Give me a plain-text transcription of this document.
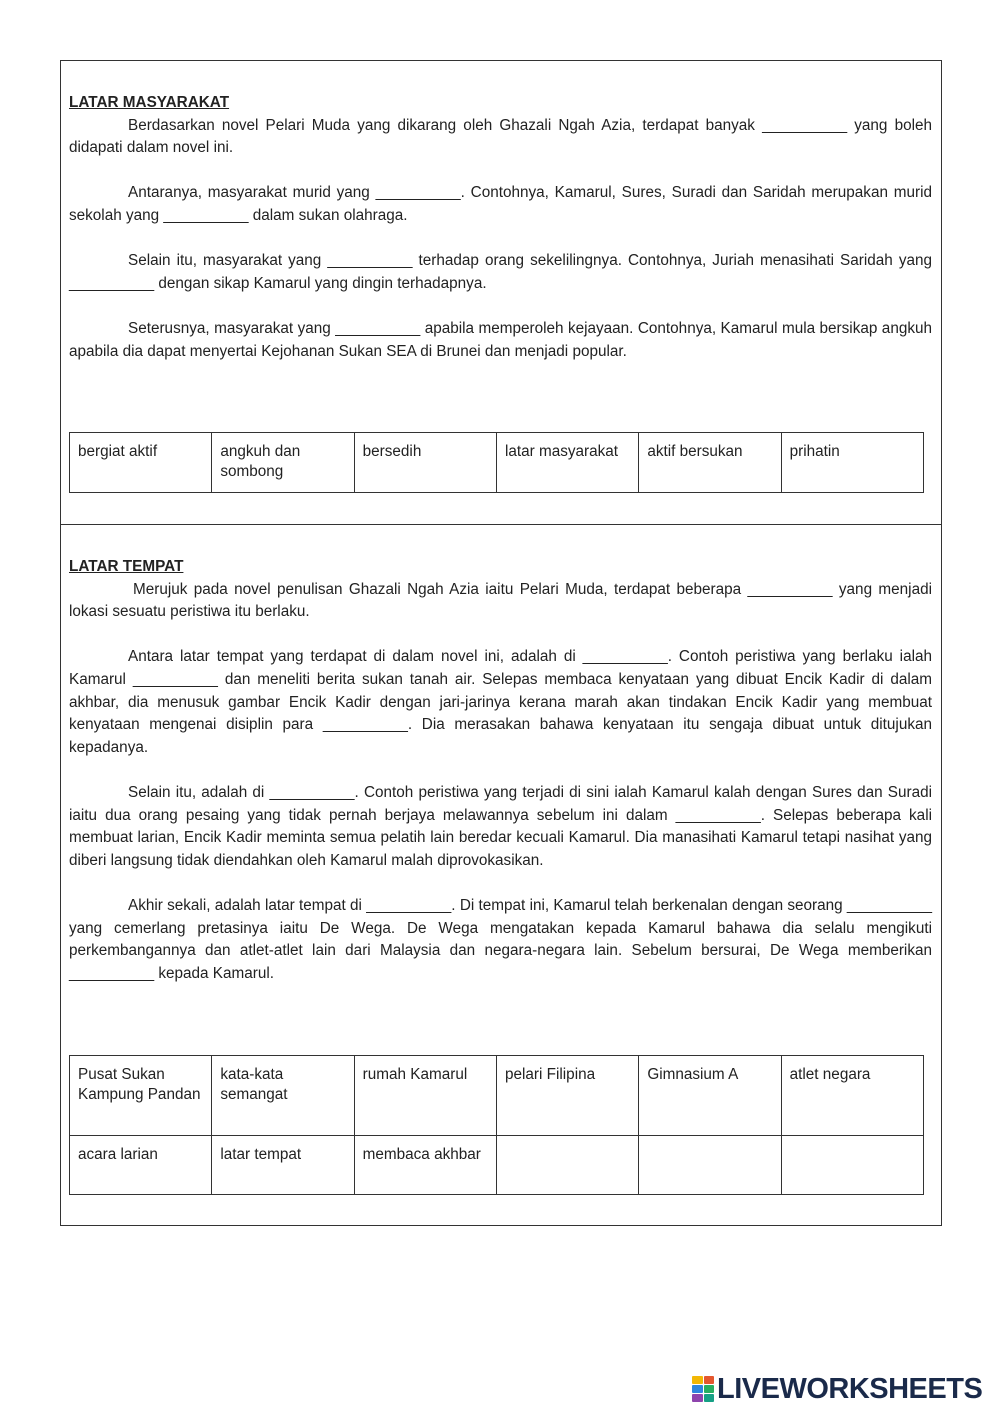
LATAR MASYARAKAT

Berdasarkan novel Pelari Muda yang dikarang oleh Ghazali Ngah Azia, terdapat banyak __________ yang boleh didapati dalam novel ini.

Antaranya, masyarakat murid yang __________. Contohnya, Kamarul, Sures, Suradi dan Saridah merupakan murid sekolah yang __________ dalam sukan olahraga.

Selain itu, masyarakat yang __________ terhadap orang sekelilingnya. Contohnya, Juriah menasihati Saridah yang __________ dengan sikap Kamarul yang dingin terhadapnya.

Seterusnya, masyarakat yang __________ apabila memperoleh kejayaan. Contohnya, Kamarul mula bersikap angkuh apabila dia dapat menyertai Kejohanan Sukan SEA di Brunei dan menjadi popular.

bergiat aktif	angkuh dan sombong	bersedih	latar masyarakat	aktif bersukan	prihatin
LATAR TEMPAT

Merujuk pada novel penulisan Ghazali Ngah Azia iaitu Pelari Muda, terdapat beberapa __________ yang menjadi lokasi sesuatu peristiwa itu berlaku.

Antara latar tempat yang terdapat di dalam novel ini, adalah di __________. Contoh peristiwa yang berlaku ialah Kamarul __________ dan meneliti berita sukan tanah air. Selepas membaca kenyataan yang dibuat Encik Kadir di dalam akhbar, dia menusuk gambar Encik Kadir dengan jari-jarinya kerana marah akan tindakan Encik Kadir yang membuat kenyataan mengenai disiplin para __________. Dia merasakan bahawa kenyataan itu sengaja dibuat untuk ditujukan kepadanya.

Selain itu, adalah di __________. Contoh peristiwa yang terjadi di sini ialah Kamarul kalah dengan Sures dan Suradi iaitu dua orang pesaing yang tidak pernah berjaya melawannya sebelum ini dalam __________. Selepas beberapa kali membuat larian, Encik Kadir meminta semua pelatih lain beredar kecuali Kamarul. Dia manasihati Kamarul tetapi nasihat yang diberi langsung tidak diendahkan oleh Kamarul malah diprovokasikan.

Akhir sekali, adalah latar tempat di __________. Di tempat ini, Kamarul telah berkenalan dengan seorang __________ yang cemerlang pretasinya iaitu De Wega. De Wega mengatakan kepada Kamarul bahawa dia selalu mengikuti perkembangannya dan atlet-atlet lain dari Malaysia dan negara-negara lain. Sebelum bersurai, De Wega memberikan __________ kepada Kamarul.

Pusat Sukan Kampung Pandan	kata-kata semangat	rumah Kamarul	pelari Filipina	Gimnasium A	atlet negara
acara larian	latar tempat	membaca akhbar			
LIVEWORKSHEETS
